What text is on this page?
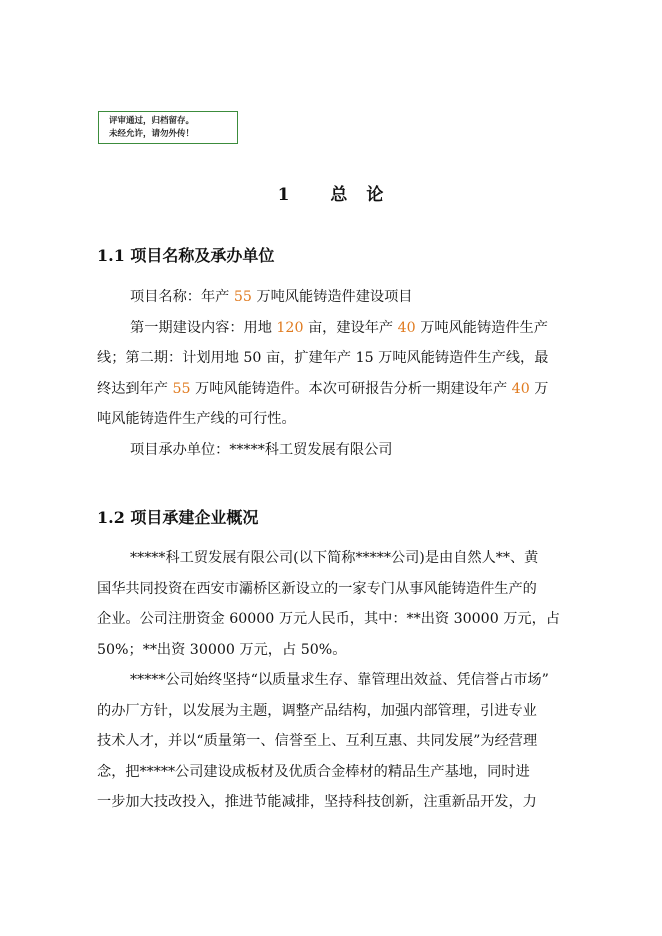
评审通过，归档留存。
未经允许，请勿外传！
1 总 论
1.1 项目名称及承办单位
项目名称：年产 55 万吨风能铸造件建设项目
第一期建设内容：用地 120 亩，建设年产 40 万吨风能铸造件生产
线；第二期：计划用地 50 亩，扩建年产 15 万吨风能铸造件生产线，最
终达到年产 55 万吨风能铸造件。本次可研报告分析一期建设年产 40 万
吨风能铸造件生产线的可行性。
项目承办单位：*****科工贸发展有限公司
1.2 项目承建企业概况
*****科工贸发展有限公司(以下简称*****公司)是由自然人**、黄
国华共同投资在西安市灞桥区新设立的一家专门从事风能铸造件生产的
企业。公司注册资金 60000 万元人民币，其中：**出资 30000 万元，占
50%；**出资 30000 万元，占 50%。
*****公司始终坚持“以质量求生存、靠管理出效益、凭信誉占市场”
的办厂方针，以发展为主题，调整产品结构，加强内部管理，引进专业
技术人才，并以“质量第一、信誉至上、互利互惠、共同发展”为经营理
念，把*****公司建设成板材及优质合金棒材的精品生产基地，同时进
一步加大技改投入，推进节能减排，坚持科技创新，注重新品开发，力
